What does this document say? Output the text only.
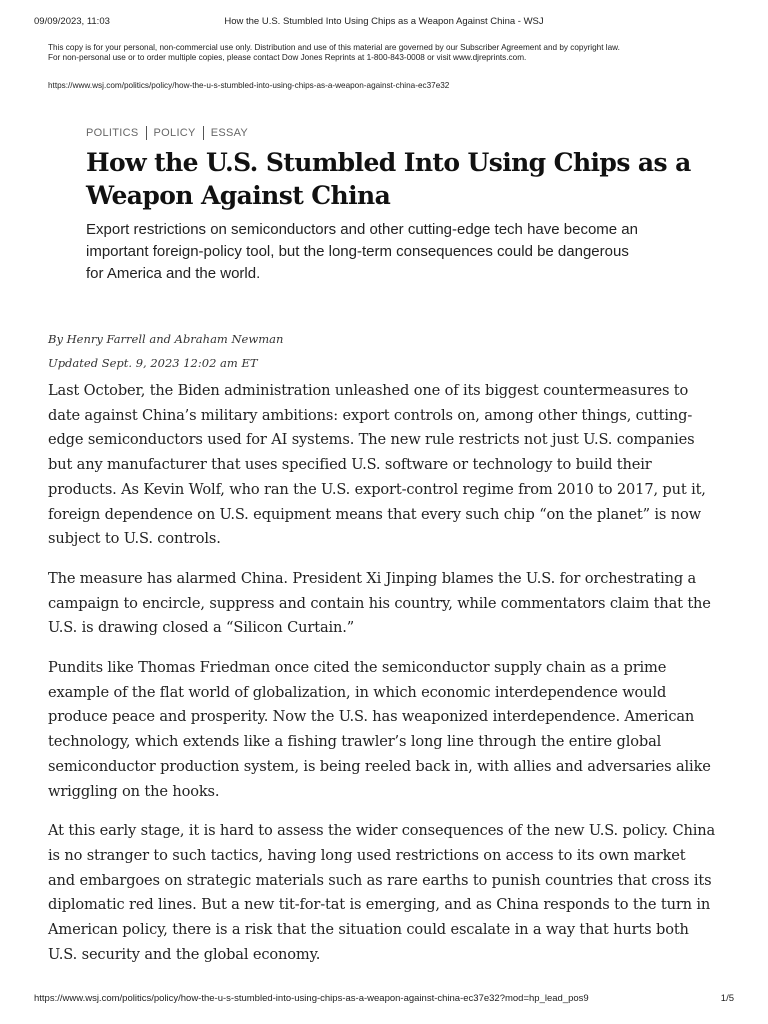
09/09/2023, 11:03	How the U.S. Stumbled Into Using Chips as a Weapon Against China - WSJ
This copy is for your personal, non-commercial use only. Distribution and use of this material are governed by our Subscriber Agreement and by copyright law.
For non-personal use or to order multiple copies, please contact Dow Jones Reprints at 1-800-843-0008 or visit www.djreprints.com.
https://www.wsj.com/politics/policy/how-the-u-s-stumbled-into-using-chips-as-a-weapon-against-china-ec37e32
POLITICS POLICY ESSAY
How the U.S. Stumbled Into Using Chips as a
Weapon Against China

Export restrictions on semiconductors and other cutting-edge tech have become an
important foreign-policy tool, but the long-term consequences could be dangerous
for America and the world.

By Henry Farrell and Abraham Newman
Updated Sept. 9, 2023 12:02 am ET

Last October, the Biden administration unleashed one of its biggest countermeasures to
date against China’s military ambitions: export controls on, among other things, cutting-
edge semiconductors used for AI systems. The new rule restricts not just U.S. companies
but any manufacturer that uses specified U.S. software or technology to build their
products. As Kevin Wolf, who ran the U.S. export-control regime from 2010 to 2017, put it,
foreign dependence on U.S. equipment means that every such chip “on the planet” is now
subject to U.S. controls.

The measure has alarmed China. President Xi Jinping blames the U.S. for orchestrating a
campaign to encircle, suppress and contain his country, while commentators claim that the
U.S. is drawing closed a “Silicon Curtain.”

Pundits like Thomas Friedman once cited the semiconductor supply chain as a prime
example of the flat world of globalization, in which economic interdependence would
produce peace and prosperity. Now the U.S. has weaponized interdependence. American
technology, which extends like a fishing trawler’s long line through the entire global
semiconductor production system, is being reeled back in, with allies and adversaries alike
wriggling on the hooks.

At this early stage, it is hard to assess the wider consequences of the new U.S. policy. China
is no stranger to such tactics, having long used restrictions on access to its own market
and embargoes on strategic materials such as rare earths to punish countries that cross its
diplomatic red lines. But a new tit-for-tat is emerging, and as China responds to the turn in
American policy, there is a risk that the situation could escalate in a way that hurts both
U.S. security and the global economy.

https://www.wsj.com/politics/policy/how-the-u-s-stumbled-into-using-chips-as-a-weapon-against-china-ec37e32?mod=hp_lead_pos9	1/5
